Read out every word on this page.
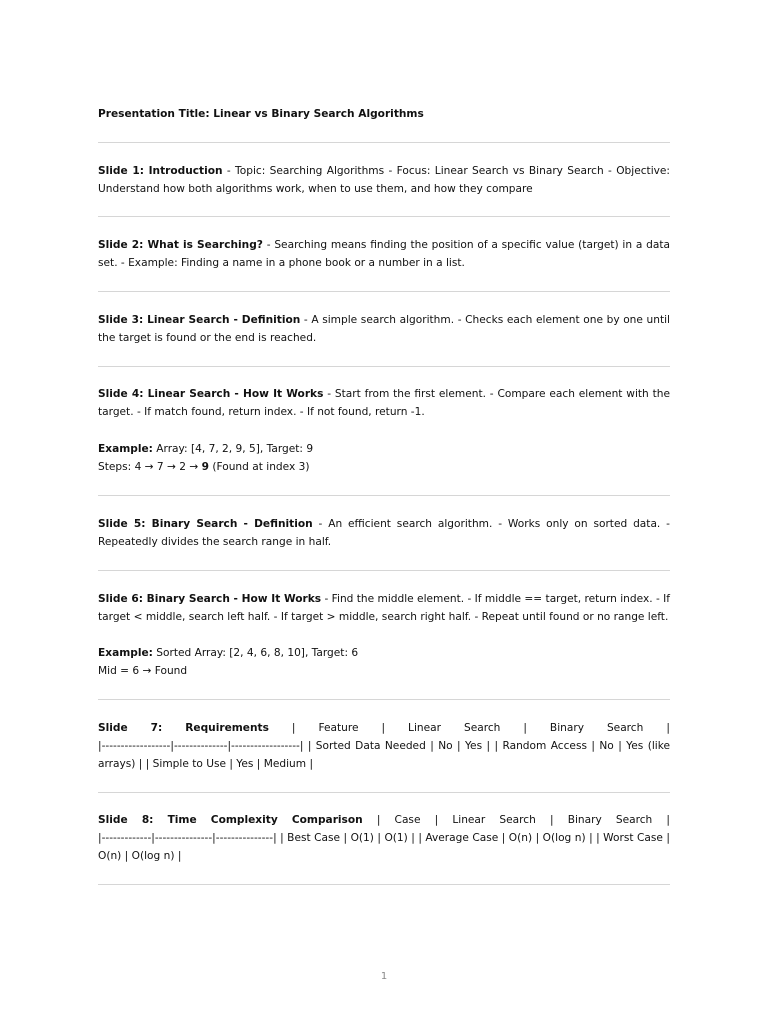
Presentation Title: Linear vs Binary Search Algorithms
Slide 1: Introduction - Topic: Searching Algorithms - Focus: Linear Search vs Binary Search - Objective: Understand how both algorithms work, when to use them, and how they compare
Slide 2: What is Searching? - Searching means finding the position of a specific value (target) in a data set. - Example: Finding a name in a phone book or a number in a list.
Slide 3: Linear Search - Definition - A simple search algorithm. - Checks each element one by one until the target is found or the end is reached.
Slide 4: Linear Search - How It Works - Start from the first element. - Compare each element with the target. - If match found, return index. - If not found, return -1.
Example: Array: [4, 7, 2, 9, 5], Target: 9
Steps: 4 → 7 → 2 → 9 (Found at index 3)
Slide 5: Binary Search - Definition - An efficient search algorithm. - Works only on sorted data. - Repeatedly divides the search range in half.
Slide 6: Binary Search - How It Works - Find the middle element. - If middle == target, return index. - If target < middle, search left half. - If target > middle, search right half. - Repeat until found or no range left.
Example: Sorted Array: [2, 4, 6, 8, 10], Target: 6
Mid = 6 → Found
Slide 7: Requirements | Feature | Linear Search | Binary Search |
|------------------|--------------|------------------| | Sorted Data Needed | No | Yes | | Random Access | No | Yes (like arrays) | | Simple to Use | Yes | Medium |
Slide 8: Time Complexity Comparison | Case | Linear Search | Binary Search |
|-------------|---------------|---------------| | Best Case | O(1) | O(1) | | Average Case | O(n) | O(log n) | | Worst Case | O(n) | O(log n) |
1
